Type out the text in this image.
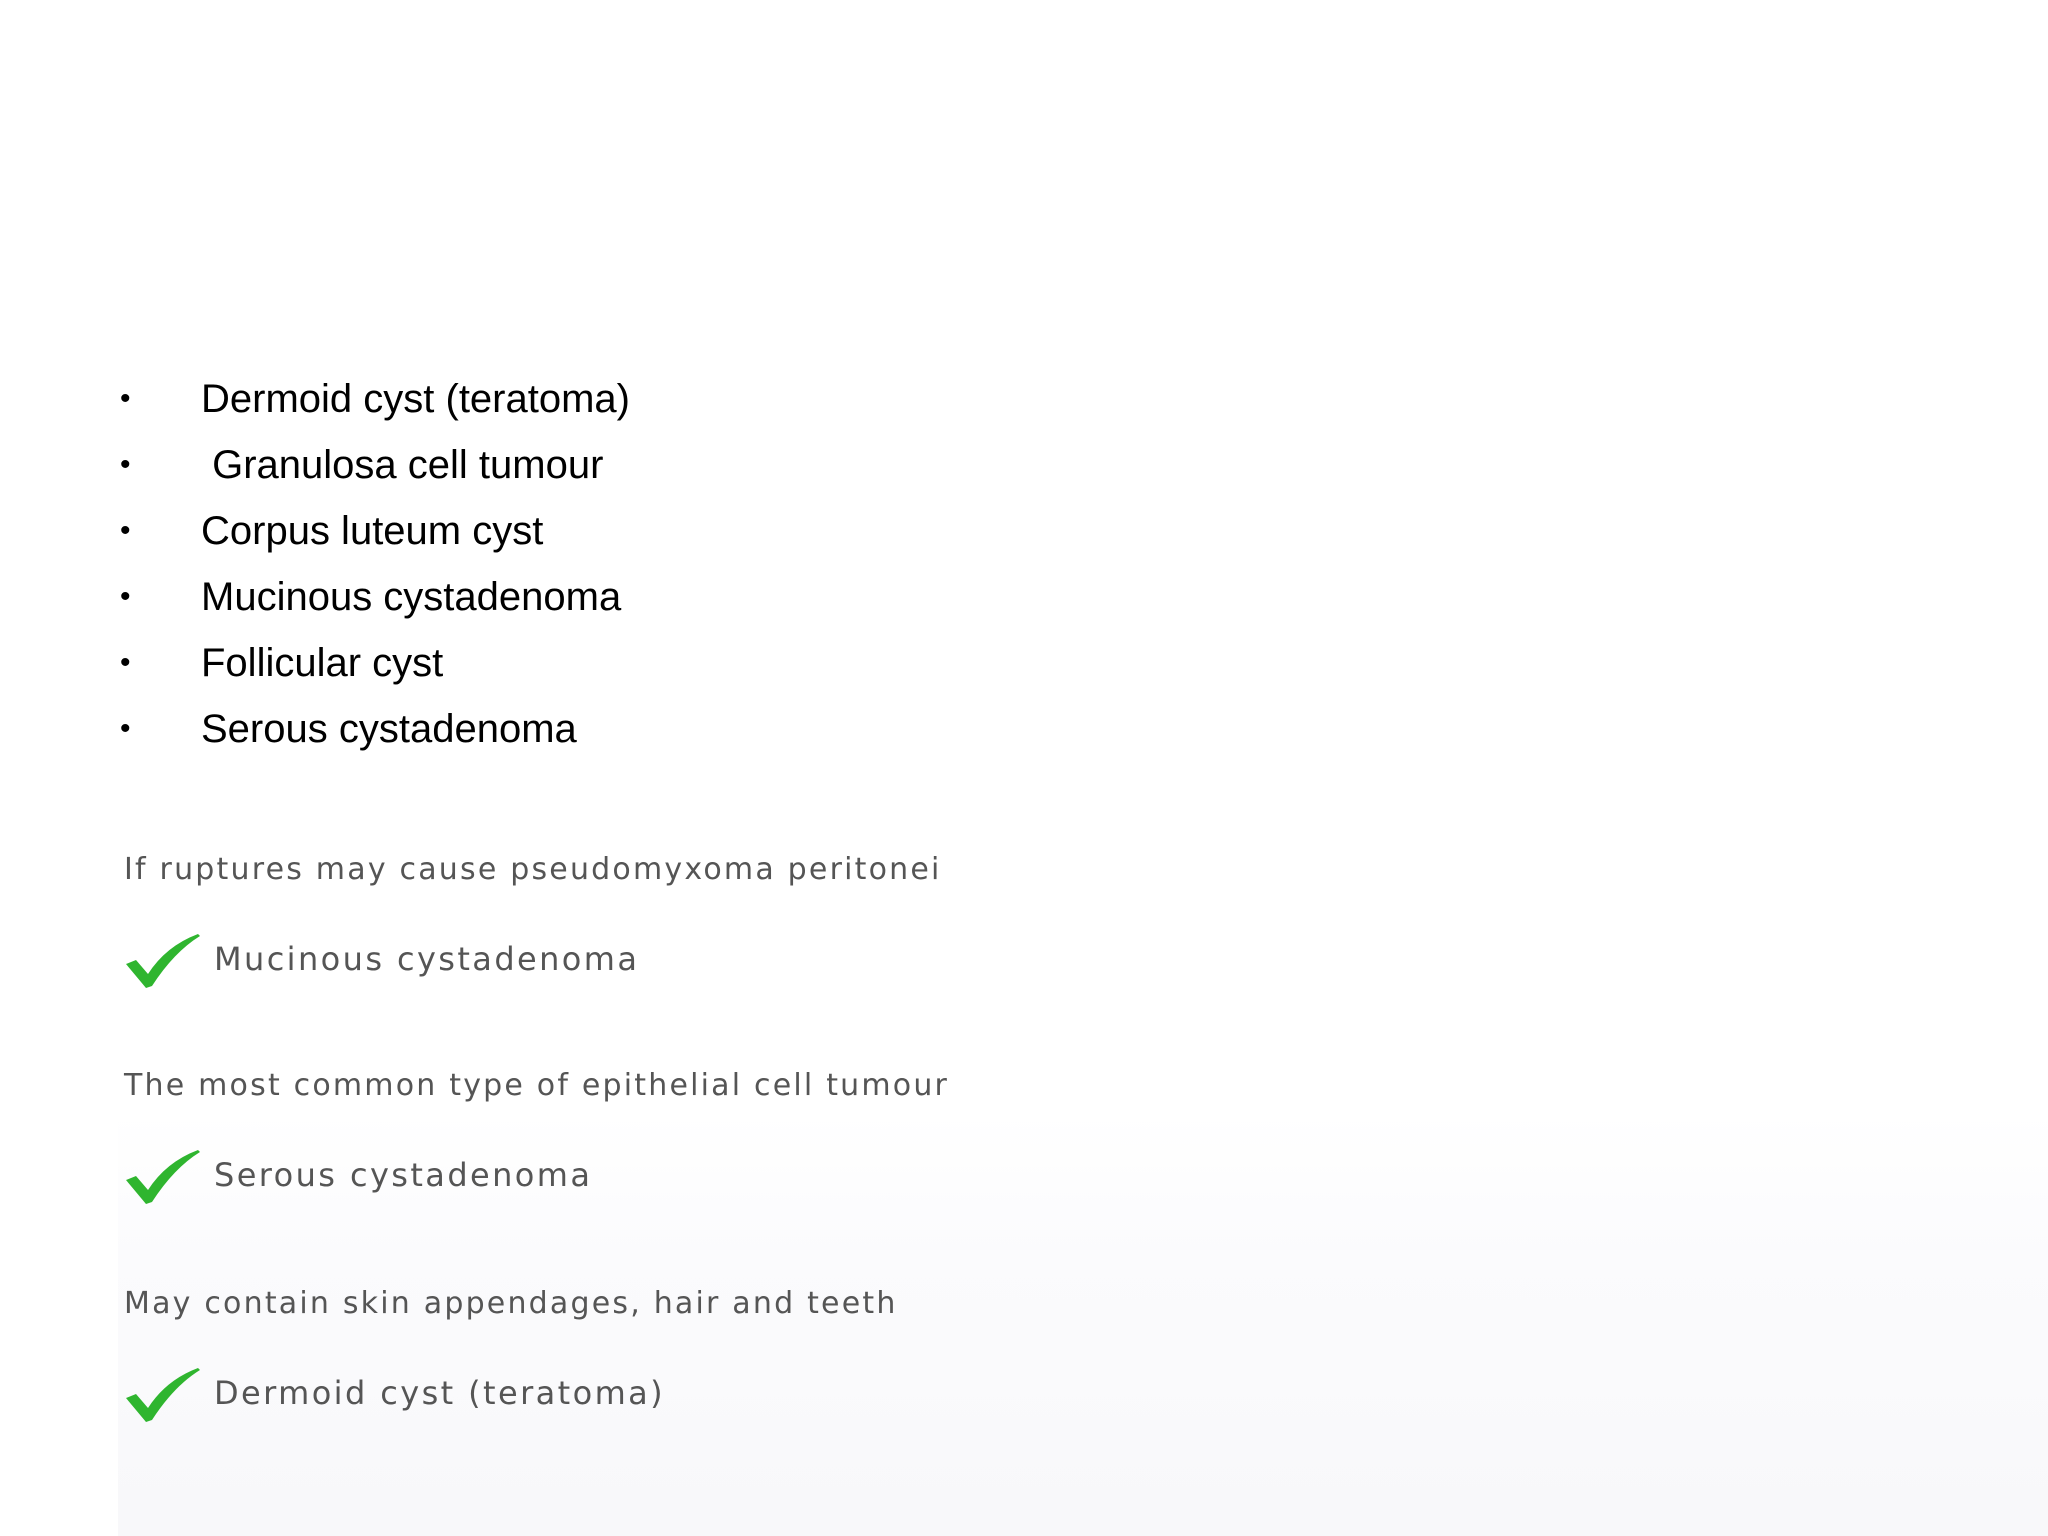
•	Dermoid cyst (teratoma)
•	Granulosa cell tumour
•	Corpus luteum cyst
•	Mucinous cystadenoma
•	Follicular cyst
•	Serous cystadenoma
If ruptures may cause pseudomyxoma peritonei
Mucinous cystadenoma
The most common type of epithelial cell tumour
Serous cystadenoma
May contain skin appendages, hair and teeth
Dermoid cyst (teratoma)
